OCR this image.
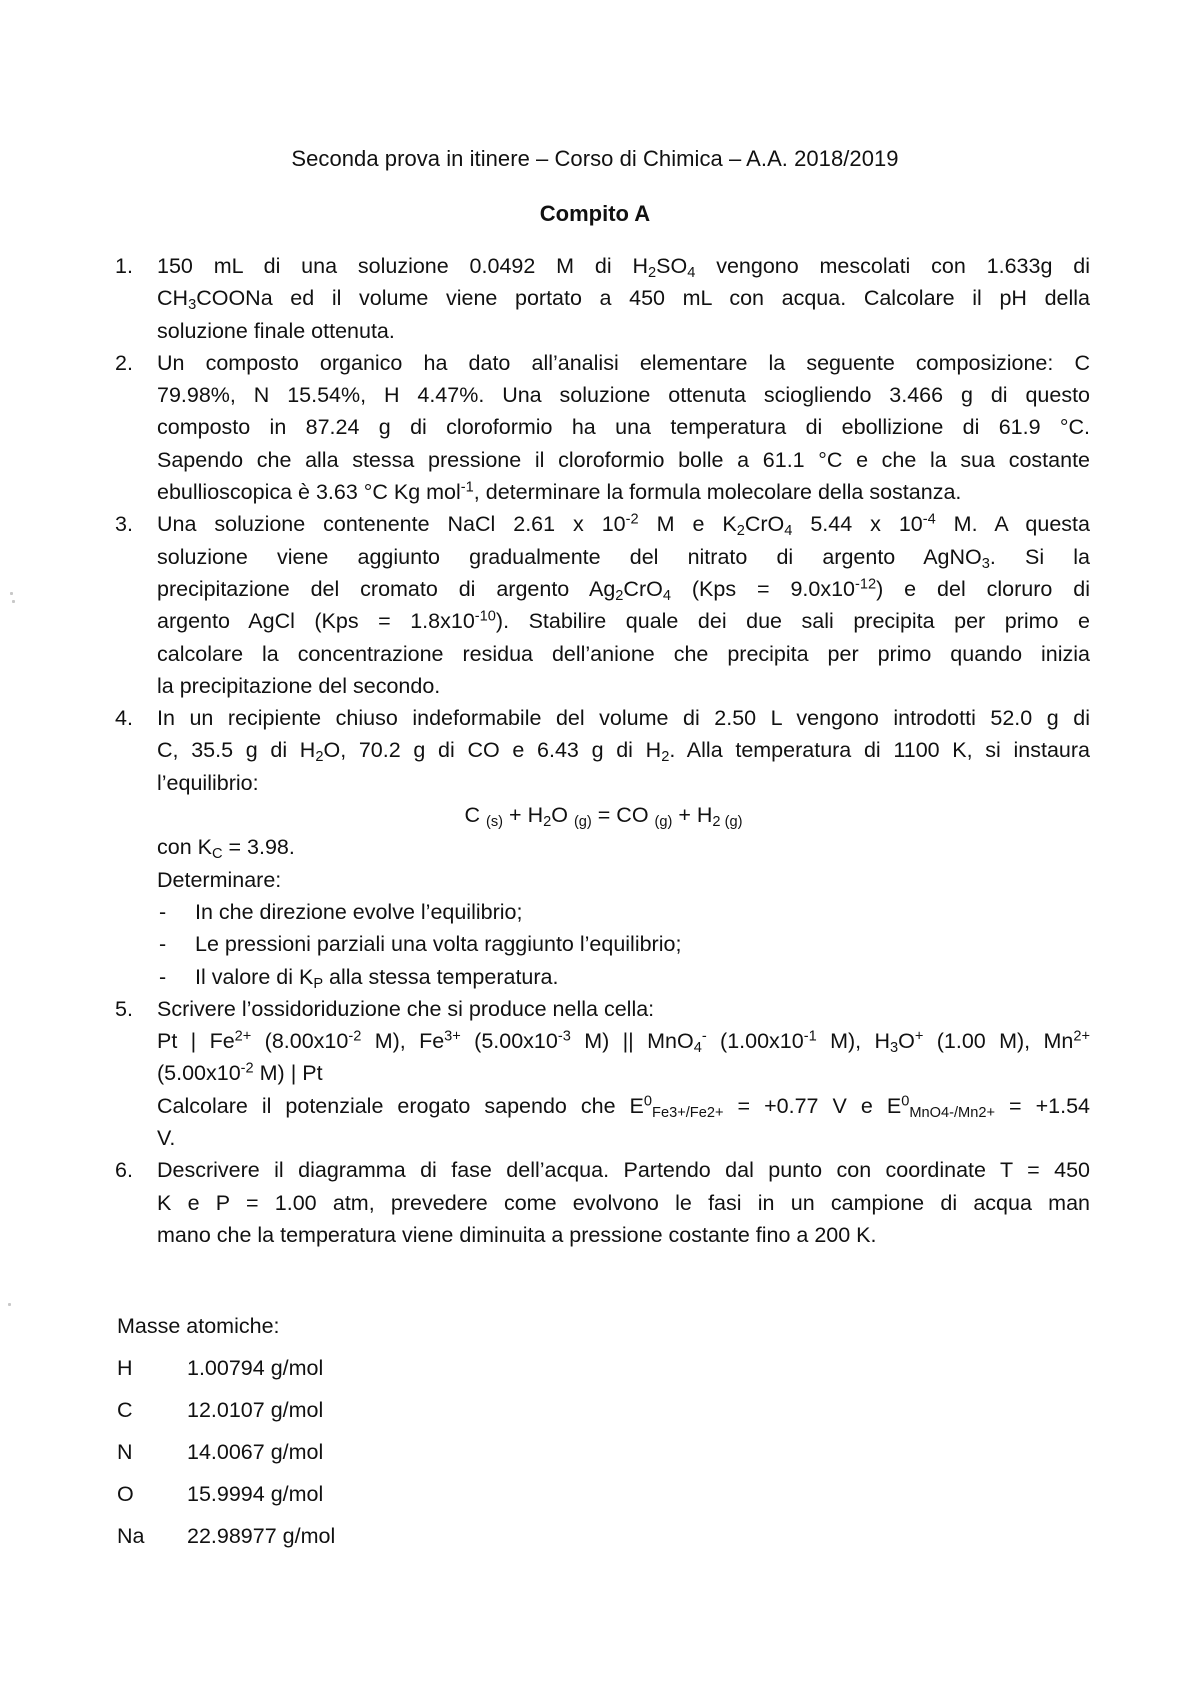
Seconda prova in itinere – Corso di Chimica – A.A. 2018/2019
Compito A
1. 150 mL di una soluzione 0.0492 M di $H_2SO_4$ vengono mescolati con 1.633g di
$CH_3COONa$ ed il volume viene portato a 450 mL con acqua. Calcolare il pH della
soluzione finale ottenuta.
2. Un composto organico ha dato all’analisi elementare la seguente composizione: C
79.98%, N 15.54%, H 4.47%. Una soluzione ottenuta sciogliendo 3.466 g di questo
composto in 87.24 g di cloroformio ha una temperatura di ebollizione di 61.9 °C.
Sapendo che alla stessa pressione il cloroformio bolle a 61.1 °C e che la sua costante
ebullioscopica è 3.63 °C Kg mol$^{-1}$, determinare la formula molecolare della sostanza.
3. Una soluzione contenente NaCl 2.61 x $10^{-2}$ M e $K_2CrO_4$ 5.44 x $10^{-4}$ M. A questa
soluzione viene aggiunto gradualmente del nitrato di argento AgNO$_3$. Si la
precipitazione del cromato di argento $Ag_2CrO_4$ $(Kps = 9.0x10^{-12})$ e del cloruro di
argento AgCl $(Kps = 1.8x10^{-10})$. Stabilire quale dei due sali precipita per primo e
calcolare la concentrazione residua dell’anione che precipita per primo quando inizia
la precipitazione del secondo.
4. In un recipiente chiuso indeformabile del volume di 2.50 L vengono introdotti 52.0 g di
C, 35.5 g di $H_2O$, 70.2 g di CO e 6.43 g di $H_2$. Alla temperatura di 1100 K, si instaura
l’equilibrio:
C $_{(s)} + H_2O$ $_{(g)}$ = CO $_{(g)} + H_{2 (g)}$
con $K_C = 3.98$.
Determinare:
- In che direzione evolve l’equilibrio;
- Le pressioni parziali una volta raggiunto l’equilibrio;
- Il valore di $K_P$ alla stessa temperatura.
5. Scrivere l’ossidoriduzione che si produce nella cella:
Pt | $Fe^{2+}$ ($8.00x10^{-2}$ M), $Fe^{3+}$ ($5.00x10^{-3}$ M) || MnO$_4$- ($1.00x10^{-1}$ M), $H_3O^+$ (1.00 M), $Mn^{2+}$
($5.00x10^{-2}$ M) | Pt
Calcolare il potenziale erogato sapendo che $E^0_{Fe3+/Fe2+} = +0.77$ V e $E^0_{MnO4-/Mn2+} = +1.54$
V.
6. Descrivere il diagramma di fase dell’acqua. Partendo dal punto con coordinate T = 450
K e P = 1.00 atm, prevedere come evolvono le fasi in un campione di acqua man
mano che la temperatura viene diminuita a pressione costante fino a 200 K.
Masse atomiche:
H	1.00794 g/mol
C	12.0107 g/mol
N	14.0067 g/mol
O	15.9994 g/mol
Na	22.98977 g/mol
